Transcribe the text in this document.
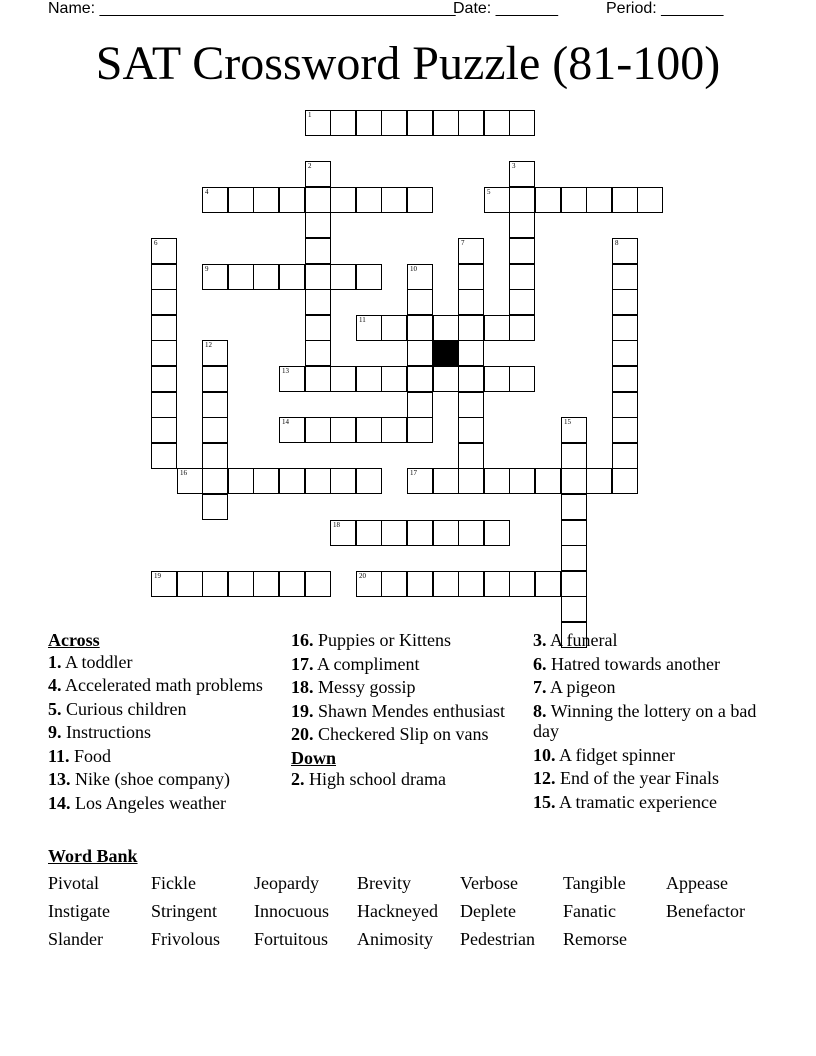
Name: ________________________________________
Date: _______	Period: _______
SAT Crossword Puzzle (81-100)
1
2	3
4	5
6	7	8
9	10
11
12
13
14	15
16	17
18
19	20
Across
1. A toddler
4. Accelerated math problems
5. Curious children
9. Instructions
11. Food
13. Nike (shoe company)
14. Los Angeles weather
16. Puppies or Kittens
17. A compliment
18. Messy gossip
19. Shawn Mendes enthusiast
20. Checkered Slip on vans
Down
2. High school drama
3. A funeral
6. Hatred towards another
7. A pigeon
8. Winning the lottery on a bad day
10. A fidget spinner
12. End of the year Finals
15. A tramatic experience
Word Bank
Pivotal	Fickle	Jeopardy	Brevity	Verbose	Tangible	Appease
Instigate	Stringent	Innocuous	Hackneyed	Deplete	Fanatic	Benefactor
Slander	Frivolous	Fortuitous	Animosity	Pedestrian	Remorse
